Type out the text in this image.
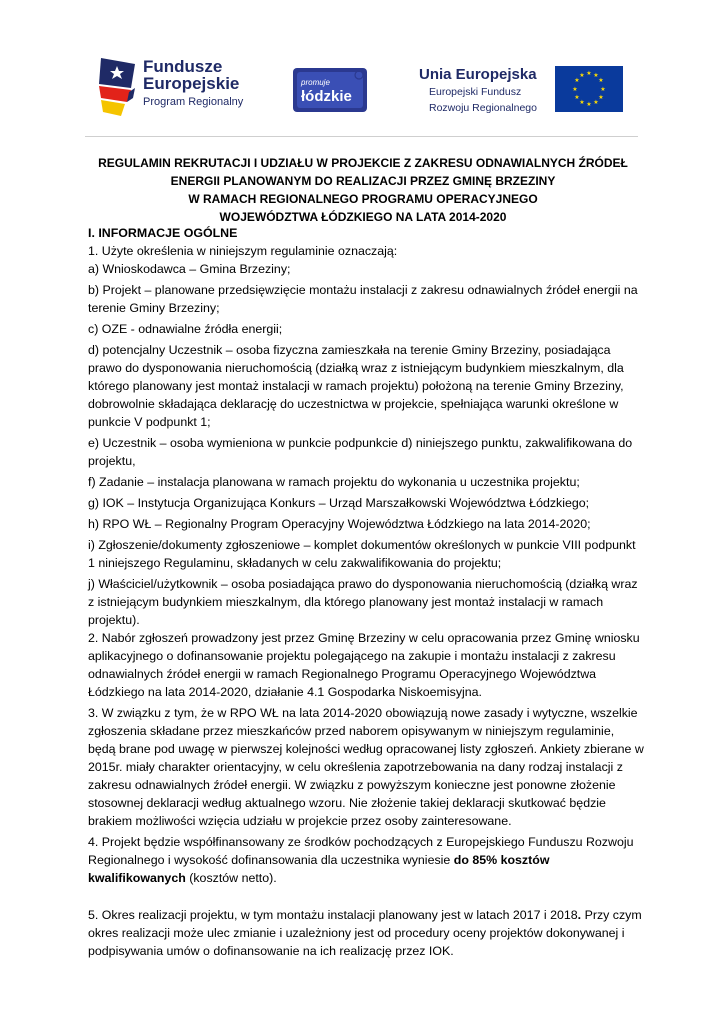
Fundusze Europejskie
Program Regionalny
promuje
łódzkie
Unia Europejska
Europejski Fundusz
Rozwoju Regionalnego
★ ★
★
★
★
★
★
★
★
★
★
★
REGULAMIN REKRUTACJI I UDZIAŁU W PROJEKCIE Z ZAKRESU ODNAWIALNYCH ŹRÓDEŁ
ENERGII PLANOWANYM DO REALIZACJI PRZEZ GMINĘ BRZEZINY
W RAMACH REGIONALNEGO PROGRAMU OPERACYJNEGO
WOJEWÓDZTWA ŁÓDZKIEGO NA LATA 2014-2020
I. INFORMACJE OGÓLNE
1. Użyte określenia w niniejszym regulaminie oznaczają:
a) Wnioskodawca – Gmina Brzeziny;
b) Projekt – planowane przedsięwzięcie montażu instalacji z zakresu odnawialnych źródeł energii na terenie Gminy Brzeziny;
c) OZE - odnawialne źródła energii;
d) potencjalny Uczestnik – osoba fizyczna zamieszkała na terenie Gminy Brzeziny, posiadająca prawo do dysponowania nieruchomością (działką wraz z istniejącym budynkiem mieszkalnym, dla którego planowany jest montaż instalacji w ramach projektu) położoną na terenie Gminy Brzeziny, dobrowolnie składająca deklarację do uczestnictwa w projekcie, spełniająca warunki określone w punkcie V podpunkt 1;
e) Uczestnik – osoba wymieniona w punkcie podpunkcie d) niniejszego punktu, zakwalifikowana do projektu,
f) Zadanie – instalacja planowana w ramach projektu do wykonania u uczestnika projektu;
g) IOK – Instytucja Organizująca Konkurs – Urząd Marszałkowski Województwa Łódzkiego;
h) RPO WŁ – Regionalny Program Operacyjny Województwa Łódzkiego na lata 2014-2020;
i) Zgłoszenie/dokumenty zgłoszeniowe – komplet dokumentów określonych w punkcie VIII podpunkt 1 niniejszego Regulaminu, składanych w celu zakwalifikowania do projektu;
j) Właściciel/użytkownik – osoba posiadająca prawo do dysponowania nieruchomością (działką wraz z istniejącym budynkiem mieszkalnym, dla którego planowany jest montaż instalacji w ramach projektu).
2. Nabór zgłoszeń prowadzony jest przez Gminę Brzeziny w celu opracowania przez Gminę wniosku aplikacyjnego o dofinansowanie projektu polegającego na zakupie i montażu instalacji z zakresu odnawialnych źródeł energii w ramach Regionalnego Programu Operacyjnego Województwa Łódzkiego na lata 2014-2020, działanie 4.1 Gospodarka Niskoemisyjna.
3. W związku z tym, że w RPO WŁ na lata 2014-2020 obowiązują nowe zasady i wytyczne, wszelkie zgłoszenia składane przez mieszkańców przed naborem opisywanym w niniejszym regulaminie, będą brane pod uwagę w pierwszej kolejności według opracowanej listy zgłoszeń. Ankiety zbierane w 2015r. miały charakter orientacyjny, w celu określenia zapotrzebowania na dany rodzaj instalacji z zakresu odnawialnych źródeł energii. W związku z powyższym konieczne jest ponowne złożenie stosownej deklaracji według aktualnego wzoru. Nie złożenie takiej deklaracji skutkować będzie brakiem możliwości wzięcia udziału w projekcie przez osoby zainteresowane.
4. Projekt będzie współfinansowany ze środków pochodzących z Europejskiego Funduszu Rozwoju Regionalnego i wysokość dofinansowania dla uczestnika wyniesie do 85% kosztów kwalifikowanych (kosztów netto).
5. Okres realizacji projektu, w tym montażu instalacji planowany jest w latach 2017 i 2018. Przy czym okres realizacji może ulec zmianie i uzależniony jest od procedury oceny projektów dokonywanej i podpisywania umów o dofinansowanie na ich realizację przez IOK.
